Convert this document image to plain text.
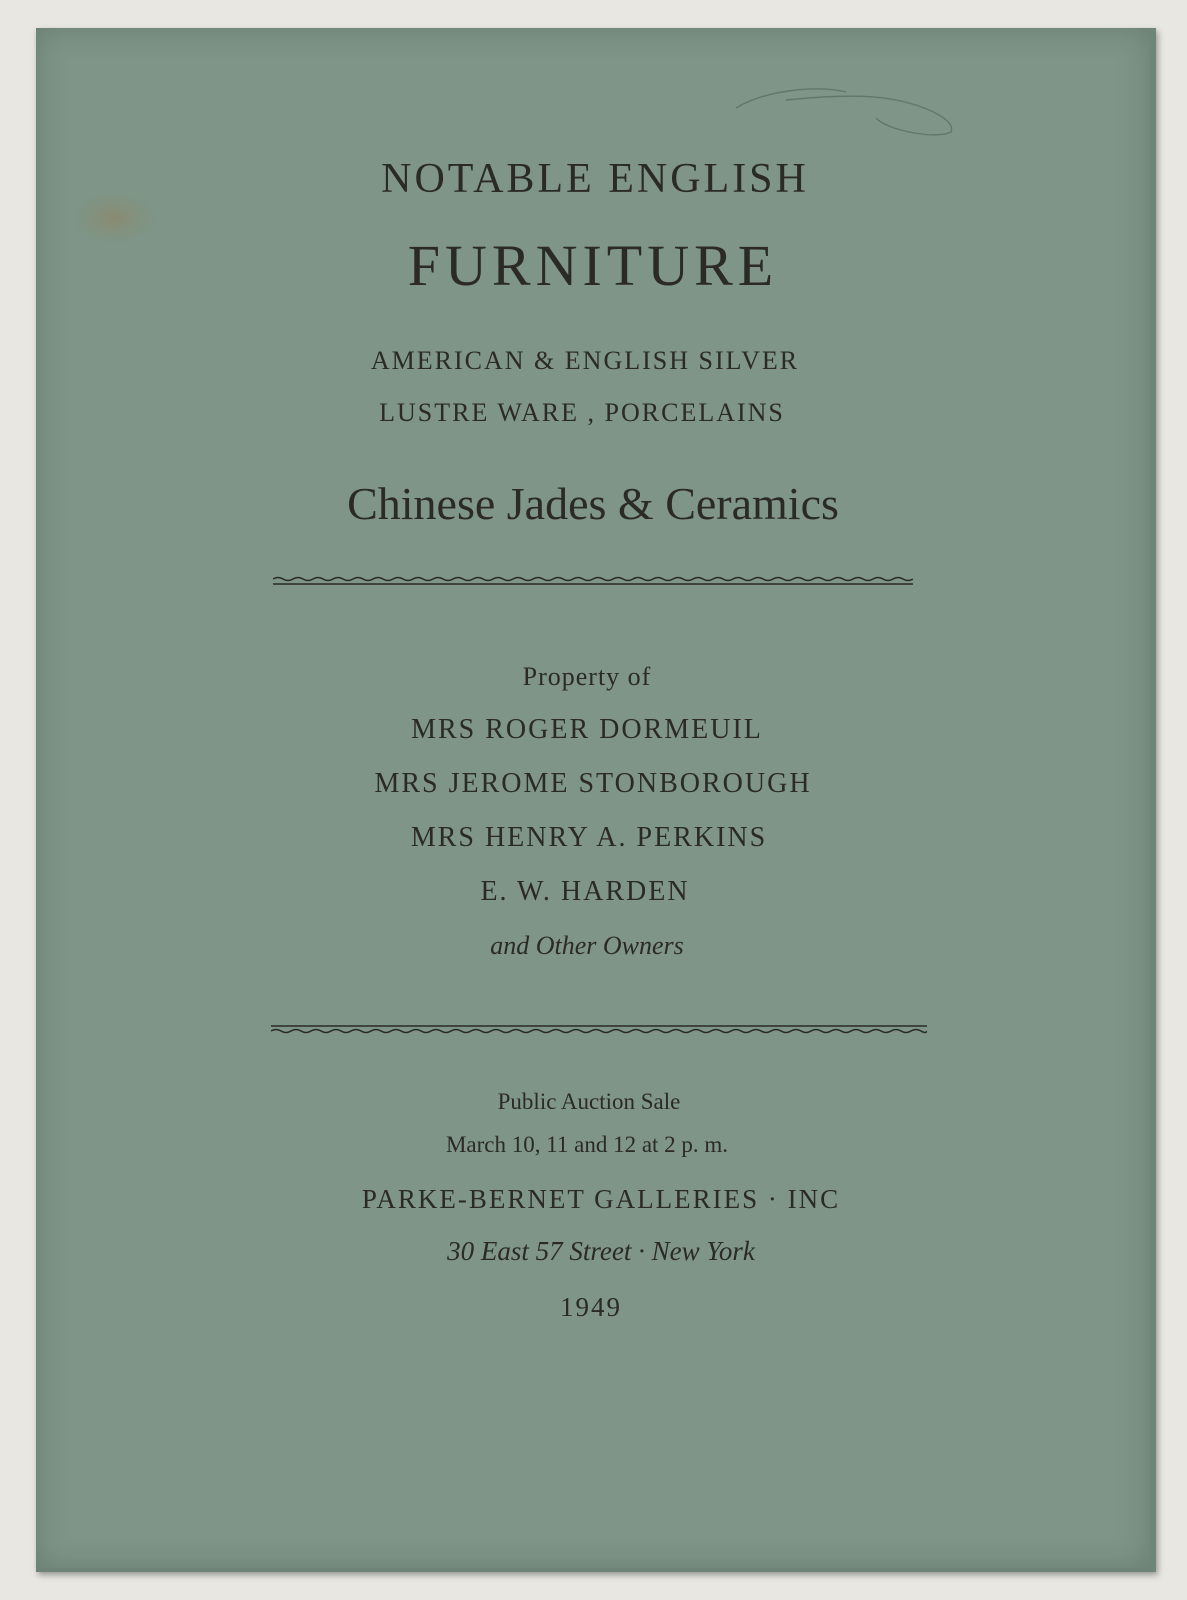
NOTABLE ENGLISH
FURNITURE
AMERICAN & ENGLISH SILVER
LUSTRE WARE , PORCELAINS
Chinese Jades & Ceramics
Property of
MRS ROGER DORMEUIL
MRS JEROME STONBOROUGH
MRS HENRY A. PERKINS
E. W. HARDEN
and Other Owners
Public Auction Sale
March 10, 11 and 12 at 2 p. m.
PARKE-BERNET GALLERIES · INC
30 East 57 Street · New York
1949
